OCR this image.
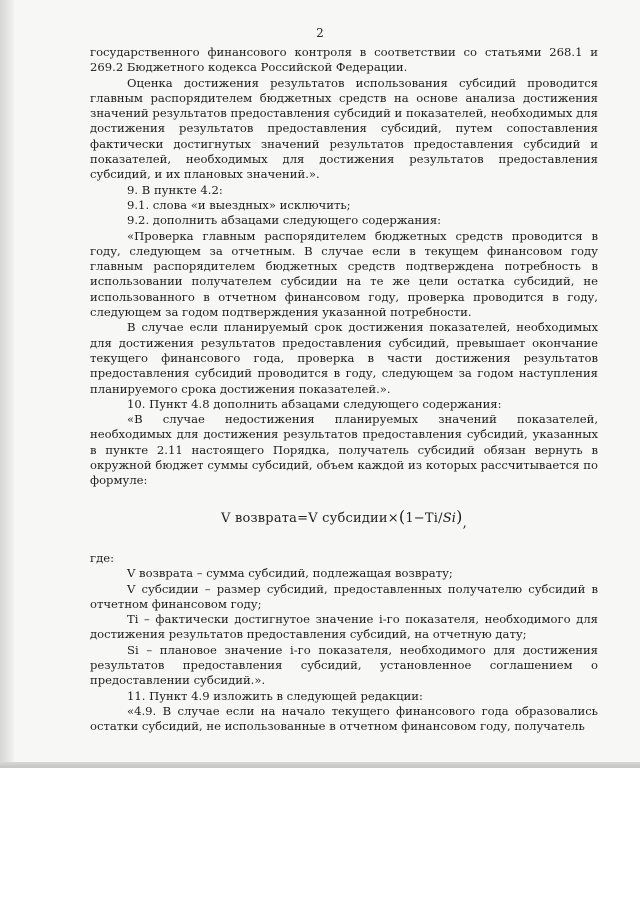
2

государственного финансового контроля в соответствии со статьями 268.1 и 269.2 Бюджетного кодекса Российской Федерации.

Оценка достижения результатов использования субсидий проводится главным распорядителем бюджетных средств на основе анализа достижения значений результатов предоставления субсидий и показателей, необходимых для достижения результатов предоставления субсидий, путем сопоставления фактически достигнутых значений результатов предоставления субсидий и показателей, необходимых для достижения результатов предоставления субсидий, и их плановых значений.».

9. В пункте 4.2:

9.1. слова «и выездных» исключить;

9.2. дополнить абзацами следующего содержания:

«Проверка главным распорядителем бюджетных средств проводится в году, следующем за отчетным. В случае если в текущем финансовом году главным распорядителем бюджетных средств подтверждена потребность в использовании получателем субсидии на те же цели остатка субсидий, не использованного в отчетном финансовом году, проверка проводится в году, следующем за годом подтверждения указанной потребности.

В случае если планируемый срок достижения показателей, необходимых для достижения результатов предоставления субсидий, превышает окончание текущего финансового года, проверка в части достижения результатов предоставления субсидий проводится в году, следующем за годом наступления планируемого срока достижения показателей.».

10. Пункт 4.8 дополнить абзацами следующего содержания:

«В случае недостижения планируемых значений показателей, необходимых для достижения результатов предоставления субсидий, указанных в пункте 2.11 настоящего Порядка, получатель субсидий обязан вернуть в окружной бюджет суммы субсидий, объем каждой из которых рассчитывается по формуле:

V возврата=V субсидии×(1−Ti/Si),

где:

V возврата – сумма субсидий, подлежащая возврату;

V субсидии – размер субсидий, предоставленных получателю субсидий в отчетном финансовом году;

Ti – фактически достигнутое значение i-го показателя, необходимого для достижения результатов предоставления субсидий, на отчетную дату;

Si – плановое значение i-го показателя, необходимого для достижения результатов предоставления субсидий, установленное соглашением о предоставлении субсидий.».

11. Пункт 4.9 изложить в следующей редакции:

«4.9. В случае если на начало текущего финансового года образовались остатки субсидий, не использованные в отчетном финансовом году, получатель
